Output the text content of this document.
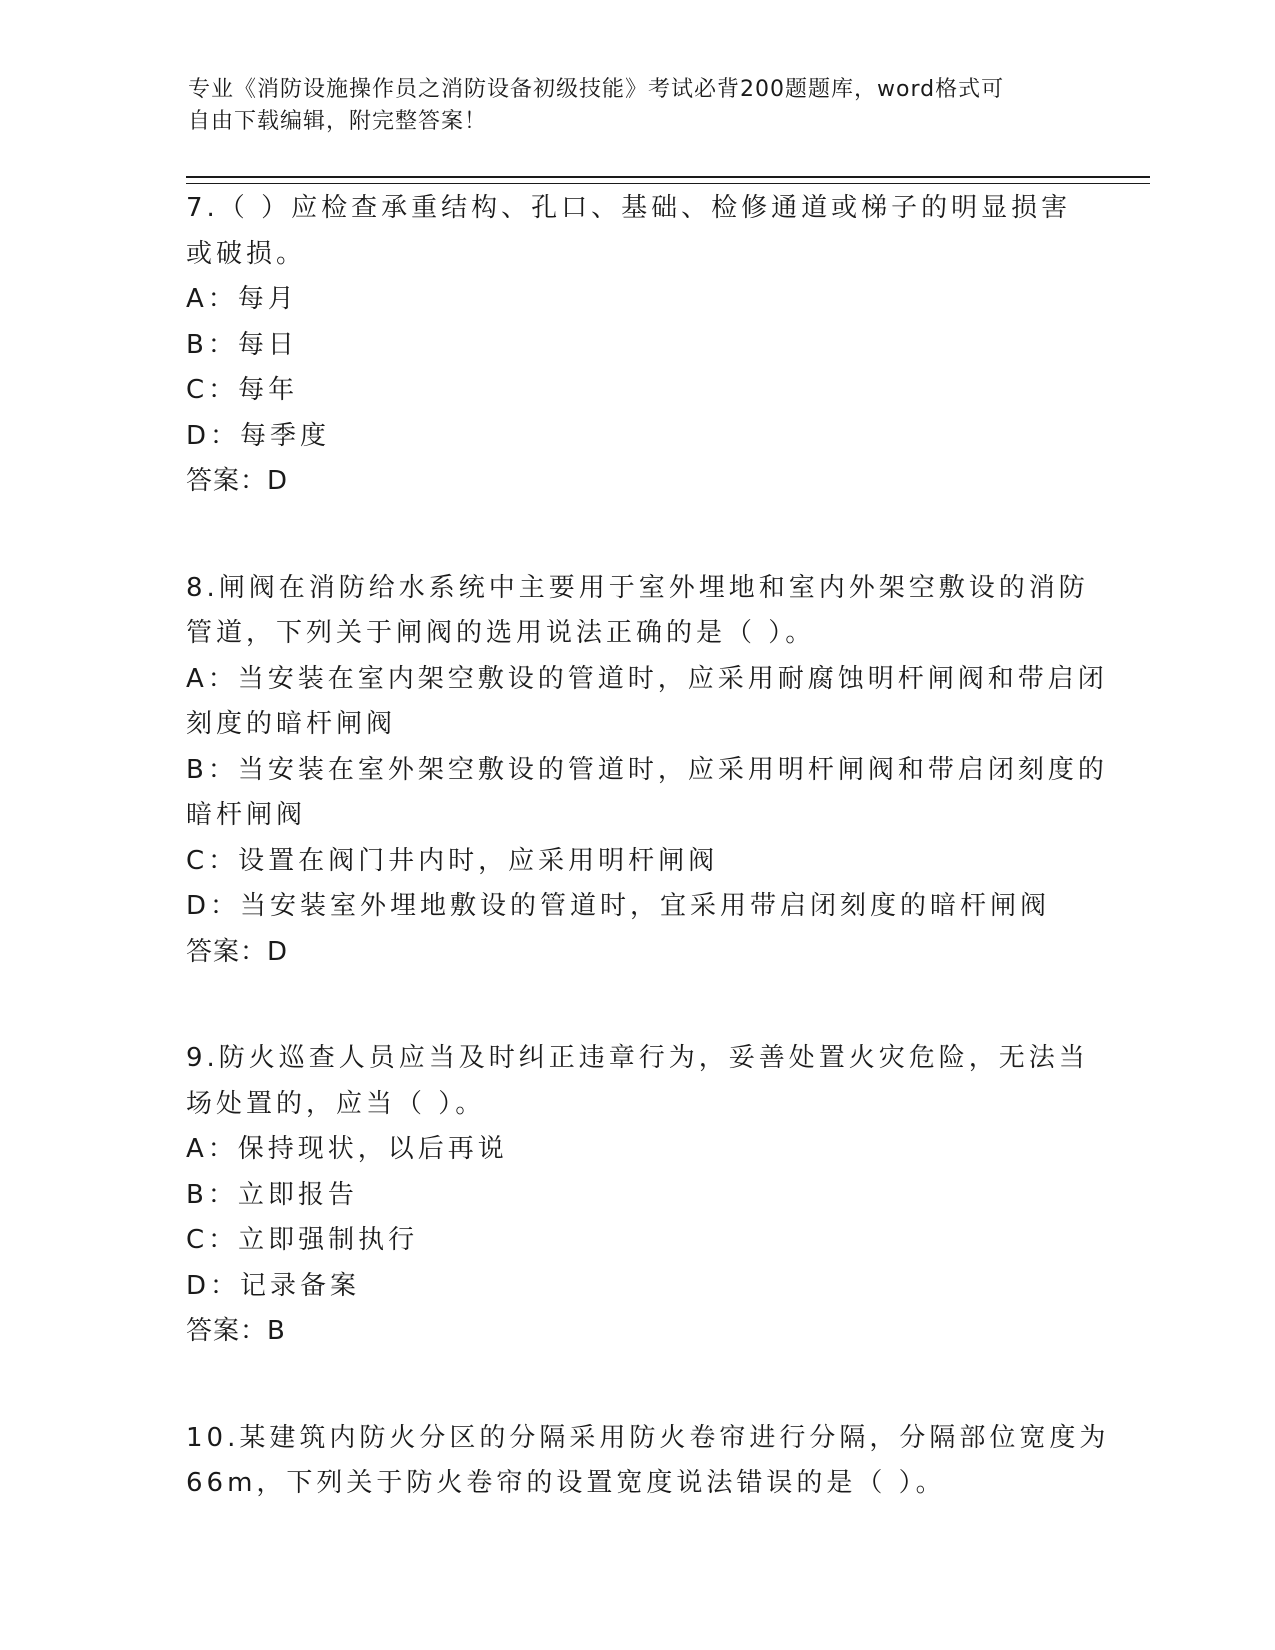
专业《消防设施操作员之消防设备初级技能》考试必背200题题库，word格式可
自由下载编辑，附完整答案！
7.（ ）应检查承重结构、孔口、基础、检修通道或梯子的明显损害
或破损。
A：每月
B：每日
C：每年
D：每季度
答案：D
8.闸阀在消防给水系统中主要用于室外埋地和室内外架空敷设的消防
管道，下列关于闸阀的选用说法正确的是（ ）。
A：当安装在室内架空敷设的管道时，应采用耐腐蚀明杆闸阀和带启闭
刻度的暗杆闸阀
B：当安装在室外架空敷设的管道时，应采用明杆闸阀和带启闭刻度的
暗杆闸阀
C：设置在阀门井内时，应采用明杆闸阀
D：当安装室外埋地敷设的管道时，宜采用带启闭刻度的暗杆闸阀
答案：D
9.防火巡查人员应当及时纠正违章行为，妥善处置火灾危险，无法当
场处置的，应当（ ）。
A：保持现状，以后再说
B：立即报告
C：立即强制执行
D：记录备案
答案：B
10.某建筑内防火分区的分隔采用防火卷帘进行分隔，分隔部位宽度为
66m，下列关于防火卷帘的设置宽度说法错误的是（ ）。
